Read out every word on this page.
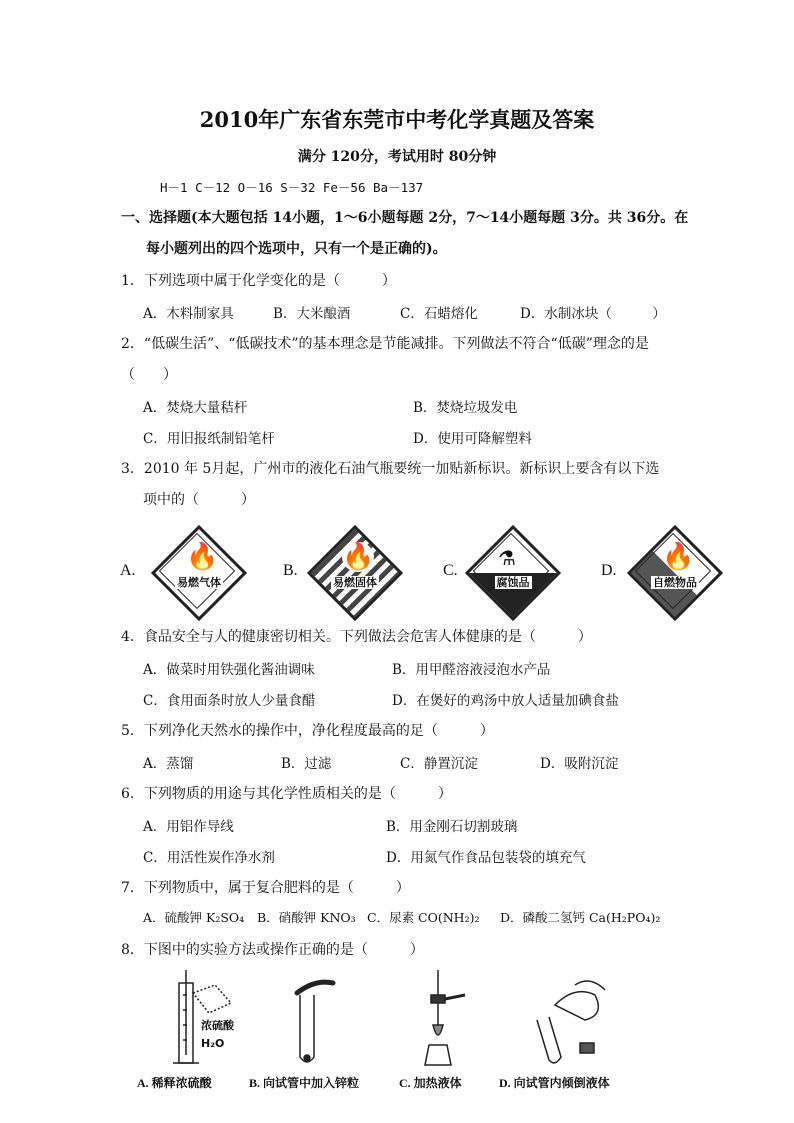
2010年广东省东莞市中考化学真题及答案
满分 120分，考试用时 80分钟
H－1 C－12 O－16 S－32 Fe－56 Ba－137
一、选择题(本大题包括 14小题，1～6小题每题 2分，7～14小题每题 3分。共 36分。在
每小题列出的四个选项中，只有一个是正确的)。
1．下列选项中属于化学变化的是（　　　）
A．木料制家具	B．大米酿酒	C．石蜡熔化	D．水制冰块（　　　）
2．“低碳生活”、“低碳技术”的基本理念是节能减排。下列做法不符合“低碳”理念的是
（　　）
A．焚烧大量秸杆	B．焚烧垃圾发电
C．用旧报纸制铅笔杆	D．使用可降解塑料
3．2010 年 5月起，广州市的液化石油气瓶要统一加贴新标识。新标识上要含有以下选
项中的（　　　）
A. 🔥
易燃气体
B. 🔥
易燃固体
C.
⚗
腐蚀品
D. 🔥
自燃物品
4．食品安全与人的健康密切相关。下列做法会危害人体健康的是（　　　）
A．做菜时用铁强化酱油调味	B．用甲醛溶液浸泡水产品
C．食用面条时放人少量食醋	D．在煲好的鸡汤中放人适量加碘食盐
5．下列净化天然水的操作中，净化程度最高的足（　　　）
A．蒸馏	B．过滤	C．静置沉淀	D．吸附沉淀
6．下列物质的用途与其化学性质相关的是（　　　）
A．用铝作导线	B．用金刚石切割玻璃
C．用活性炭作净水剂	D．用氮气作食品包装袋的填充气
7．下列物质中，属于复合肥料的是（　　　）
A．硫酸钾 K₂SO₄ B．硝酸钾 KNO₃ C．尿素 CO(NH₂)₂ D．磷酸二氢钙 Ca(H₂PO₄)₂
8．下图中的实验方法或操作正确的是（　　　）
浓硫酸
H₂O
A. 稀释浓硫酸	B. 向试管中加入锌粒	C. 加热液体	D. 向试管内倾倒液体
